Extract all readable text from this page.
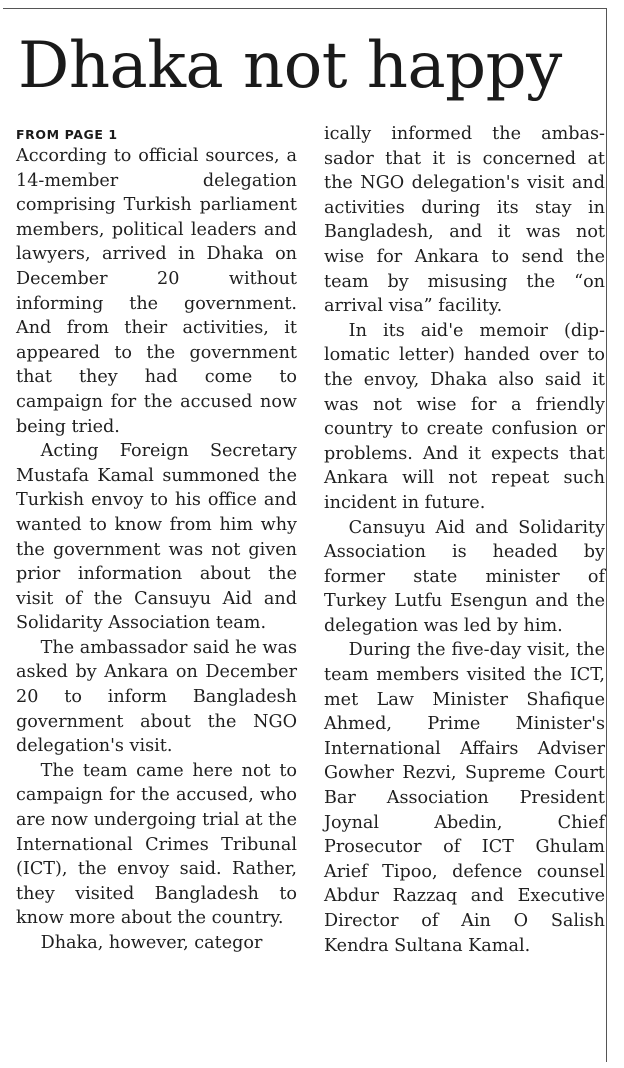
Dhaka not happy
FROM PAGE 1

According to official sources, a 14-member delegation comprising Turkish parliament members, political leaders and lawyers, arrived in Dhaka on December 20 without informing the government. And from their activities, it appeared to the government that they had come to campaign for the accused now being tried.

Acting Foreign Secretary Mustafa Kamal summoned the Turkish envoy to his office and wanted to know from him why the government was not given prior information about the visit of the Cansuyu Aid and Solidarity Association team.

The ambassador said he was asked by Ankara on December 20 to inform Bangladesh government about the NGO delegation's visit.

The team came here not to campaign for the accused, who are now undergoing trial at the International Crimes Tribunal (ICT), the envoy said. Rather, they visited Bangladesh to know more about the country.

Dhaka, however, categor

ically informed the ambassador that it is concerned at the NGO delegation's visit and activities during its stay in Bangladesh, and it was not wise for Ankara to send the team by misusing the “on arrival visa” facility.

In its aid'e memoir (diplomatic letter) handed over to the envoy, Dhaka also said it was not wise for a friendly country to create confusion or problems. And it expects that Ankara will not repeat such incident in future.

Cansuyu Aid and Solidarity Association is headed by former state minister of Turkey Lutfu Esengun and the delegation was led by him.

During the five-day visit, the team members visited the ICT, met Law Minister Shafique Ahmed, Prime Minister's International Affairs Adviser Gowher Rezvi, Supreme Court Bar Association President Joynal Abedin, Chief Prosecutor of ICT Ghulam Arief Tipoo, defence counsel Abdur Razzaq and Executive Director of Ain O Salish Kendra Sultana Kamal.
